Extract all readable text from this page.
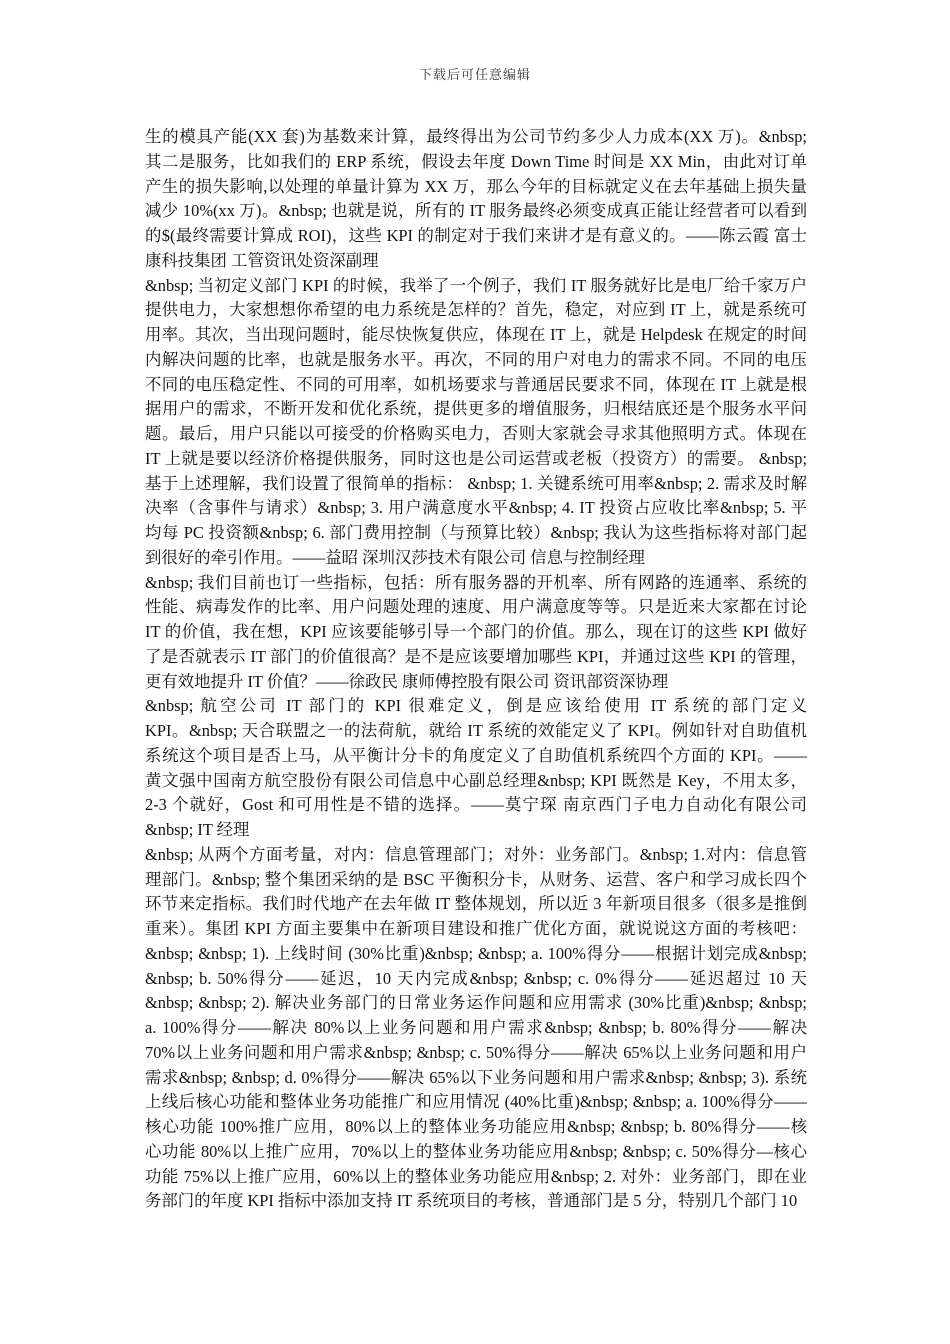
下载后可任意编辑
生的模具产能(XX 套)为基数来计算，最终得出为公司节约多少人力成本(XX 万)。&nbsp;
其二是服务，比如我们的 ERP 系统，假设去年度 Down Time 时间是 XX Min，由此对订单
产生的损失影响,以处理的单量计算为 XX 万，那么今年的目标就定义在去年基础上损失量
减少 10%(xx 万)。&nbsp; 也就是说，所有的 IT 服务最终必须变成真正能让经营者可以看到
的$(最终需要计算成 ROI)，这些 KPI 的制定对于我们来讲才是有意义的。——陈云霞 富士
康科技集团 工管资讯处资深副理
&nbsp; 当初定义部门 KPI 的时候，我举了一个例子，我们 IT 服务就好比是电厂给千家万户
提供电力，大家想想你希望的电力系统是怎样的？首先，稳定，对应到 IT 上，就是系统可
用率。其次，当出现问题时，能尽快恢复供应，体现在 IT 上，就是 Helpdesk 在规定的时间
内解决问题的比率，也就是服务水平。再次，不同的用户对电力的需求不同。不同的电压
不同的电压稳定性、不同的可用率，如机场要求与普通居民要求不同，体现在 IT 上就是根
据用户的需求，不断开发和优化系统，提供更多的增值服务，归根结底还是个服务水平问
题。最后，用户只能以可接受的价格购买电力，否则大家就会寻求其他照明方式。体现在
IT 上就是要以经济价格提供服务，同时这也是公司运营或老板（投资方）的需要。 &nbsp;
基于上述理解，我们设置了很简单的指标： &nbsp; 1. 关键系统可用率&nbsp; 2. 需求及时解
决率（含事件与请求）&nbsp; 3. 用户满意度水平&nbsp; 4. IT 投资占应收比率&nbsp; 5. 平
均每 PC 投资额&nbsp; 6. 部门费用控制（与预算比较）&nbsp; 我认为这些指标将对部门起
到很好的牵引作用。——益昭 深圳汉莎技术有限公司 信息与控制经理
&nbsp; 我们目前也订一些指标，包括：所有服务器的开机率、所有网路的连通率、系统的
性能、病毒发作的比率、用户问题处理的速度、用户满意度等等。只是近来大家都在讨论
IT 的价值，我在想，KPI 应该要能够引导一个部门的价值。那么，现在订的这些 KPI 做好
了是否就表示 IT 部门的价值很高？是不是应该要增加哪些 KPI，并通过这些 KPI 的管理，
更有效地提升 IT 价值？——徐政民 康师傅控股有限公司 资讯部资深协理
&nbsp; 航空公司 IT 部门的 KPI 很难定义，倒是应该给使用 IT 系统的部门定义
KPI。&nbsp; 天合联盟之一的法荷航，就给 IT 系统的效能定义了 KPI。例如针对自助值机
系统这个项目是否上马，从平衡计分卡的角度定义了自助值机系统四个方面的 KPI。——
黄文强中国南方航空股份有限公司信息中心副总经理&nbsp; KPI 既然是 Key，不用太多，
2-3 个就好，Gost 和可用性是不错的选择。——莫宁琛 南京西门子电力自动化有限公司
&nbsp; IT 经理
&nbsp; 从两个方面考量，对内：信息管理部门；对外：业务部门。&nbsp; 1.对内：信息管
理部门。&nbsp; 整个集团采纳的是 BSC 平衡积分卡，从财务、运营、客户和学习成长四个
环节来定指标。我们时代地产在去年做 IT 整体规划，所以近 3 年新项目很多（很多是推倒
重来）。集团 KPI 方面主要集中在新项目建设和推广优化方面，就说说这方面的考核吧：
&nbsp; &nbsp; 1). 上线时间 (30%比重)&nbsp; &nbsp; a. 100%得分——根据计划完成&nbsp;
&nbsp; b. 50%得分——延迟，10 天内完成&nbsp; &nbsp; c. 0%得分——延迟超过 10 天
&nbsp; &nbsp; 2). 解决业务部门的日常业务运作问题和应用需求 (30%比重)&nbsp; &nbsp;
a. 100%得分——解决 80%以上业务问题和用户需求&nbsp; &nbsp; b. 80%得分——解决
70%以上业务问题和用户需求&nbsp; &nbsp; c. 50%得分——解决 65%以上业务问题和用户
需求&nbsp; &nbsp; d. 0%得分——解决 65%以下业务问题和用户需求&nbsp; &nbsp; 3). 系统
上线后核心功能和整体业务功能推广和应用情况 (40%比重)&nbsp; &nbsp; a. 100%得分——
核心功能 100%推广应用，80%以上的整体业务功能应用&nbsp; &nbsp; b. 80%得分——核
心功能 80%以上推广应用，70%以上的整体业务功能应用&nbsp; &nbsp; c. 50%得分—核心
功能 75%以上推广应用，60%以上的整体业务功能应用&nbsp; 2. 对外：业务部门，即在业
务部门的年度 KPI 指标中添加支持 IT 系统项目的考核，普通部门是 5 分，特别几个部门 10
